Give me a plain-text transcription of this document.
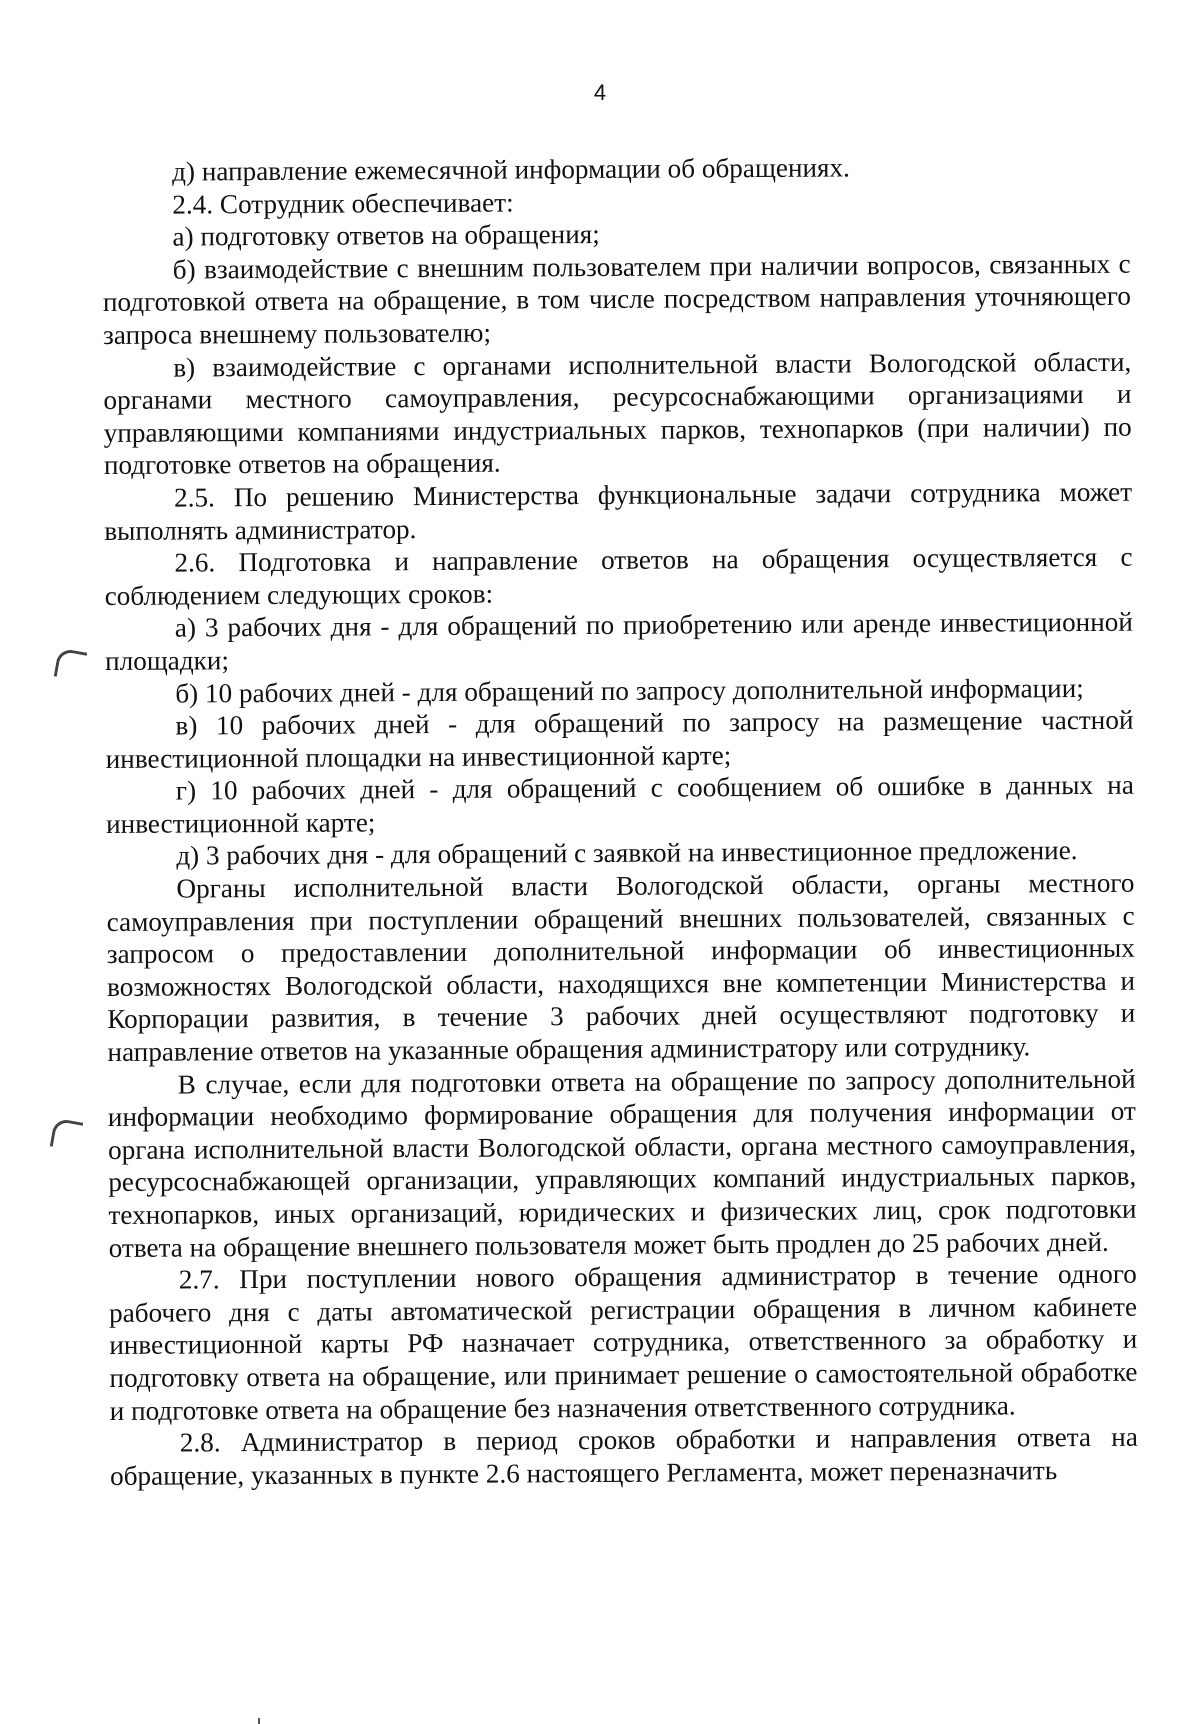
4

д) направление ежемесячной информации об обращениях.

2.4. Сотрудник обеспечивает:

а) подготовку ответов на обращения;

б) взаимодействие с внешним пользователем при наличии вопросов, связанных с подготовкой ответа на обращение, в том числе посредством направления уточняющего запроса внешнему пользователю;

в) взаимодействие с органами исполнительной власти Вологодской области, органами местного самоуправления, ресурсоснабжающими организациями и управляющими компаниями индустриальных парков, технопарков (при наличии) по подготовке ответов на обращения.

2.5. По решению Министерства функциональные задачи сотрудника может выполнять администратор.

2.6. Подготовка и направление ответов на обращения осуществляется с соблюдением следующих сроков:

а) 3 рабочих дня - для обращений по приобретению или аренде инвестиционной площадки;

б) 10 рабочих дней - для обращений по запросу дополнительной информации;

в) 10 рабочих дней - для обращений по запросу на размещение частной инвестиционной площадки на инвестиционной карте;

г) 10 рабочих дней - для обращений с сообщением об ошибке в данных на инвестиционной карте;

д) 3 рабочих дня - для обращений с заявкой на инвестиционное предложение.

Органы исполнительной власти Вологодской области, органы местного самоуправления при поступлении обращений внешних пользователей, связанных с запросом о предоставлении дополнительной информации об инвестиционных возможностях Вологодской области, находящихся вне компетенции Министерства и Корпорации развития, в течение 3 рабочих дней осуществляют подготовку и направление ответов на указанные обращения администратору или сотруднику.

В случае, если для подготовки ответа на обращение по запросу дополнительной информации необходимо формирование обращения для получения информации от органа исполнительной власти Вологодской области, органа местного самоуправления, ресурсоснабжающей организации, управляющих компаний индустриальных парков, технопарков, иных организаций, юридических и физических лиц, срок подготовки ответа на обращение внешнего пользователя может быть продлен до 25 рабочих дней.

2.7. При поступлении нового обращения администратор в течение одного рабочего дня с даты автоматической регистрации обращения в личном кабинете инвестиционной карты РФ назначает сотрудника, ответственного за обработку и подготовку ответа на обращение, или принимает решение о самостоятельной обработке и подготовке ответа на обращение без назначения ответственного сотрудника.

2.8. Администратор в период сроков обработки и направления ответа на обращение, указанных в пункте 2.6 настоящего Регламента, может переназначить
